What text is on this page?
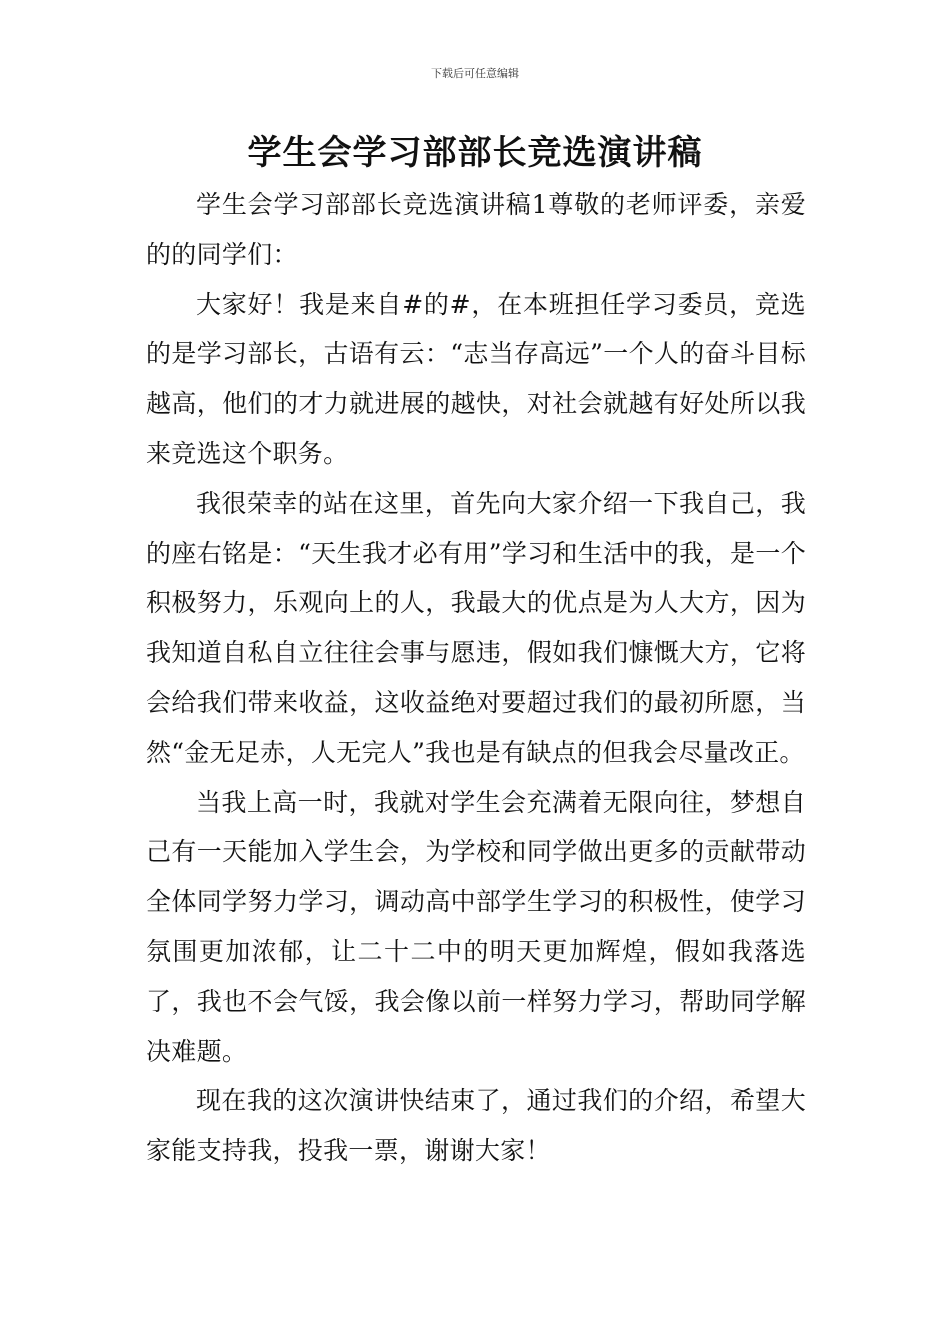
下载后可任意编辑
学生会学习部部长竞选演讲稿

学生会学习部部长竞选演讲稿1尊敬的老师评委，亲爱的的同学们：

大家好！我是来自#的#，在本班担任学习委员，竞选的是学习部长，古语有云：“志当存高远”一个人的奋斗目标越高，他们的才力就进展的越快，对社会就越有好处所以我来竞选这个职务。

我很荣幸的站在这里，首先向大家介绍一下我自己，我的座右铭是：“天生我才必有用”学习和生活中的我，是一个积极努力，乐观向上的人，我最大的优点是为人大方，因为我知道自私自立往往会事与愿违，假如我们慷慨大方，它将会给我们带来收益，这收益绝对要超过我们的最初所愿，当然“金无足赤，人无完人”我也是有缺点的但我会尽量改正。

当我上高一时，我就对学生会充满着无限向往，梦想自己有一天能加入学生会，为学校和同学做出更多的贡献带动全体同学努力学习，调动高中部学生学习的积极性，使学习氛围更加浓郁，让二十二中的明天更加辉煌，假如我落选了，我也不会气馁，我会像以前一样努力学习，帮助同学解决难题。

现在我的这次演讲快结束了，通过我们的介绍，希望大家能支持我，投我一票，谢谢大家！
